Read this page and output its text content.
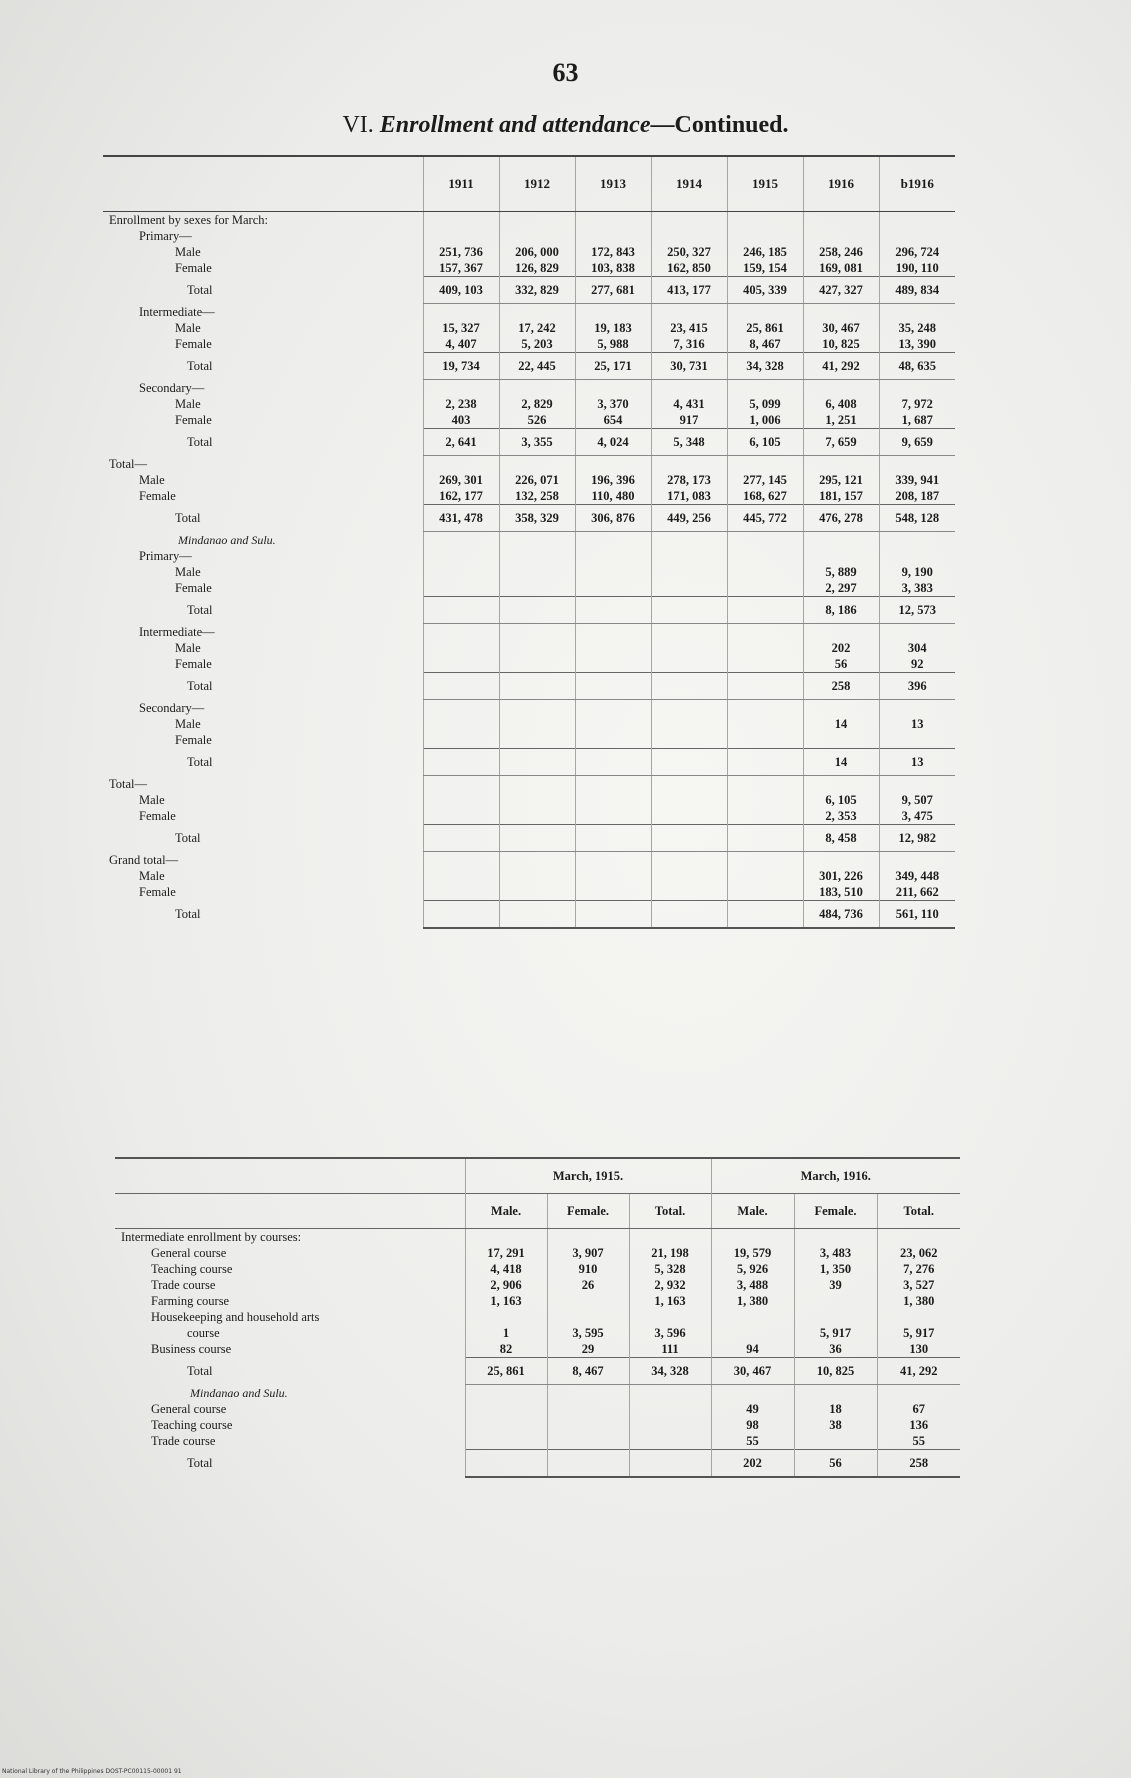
63
VI. Enrollment and attendance—Continued.
	1911	1912	1913	1914	1915	1916	b1916
Enrollment by sexes for March:							
Primary—							
Male	251, 736	206, 000	172, 843	250, 327	246, 185	258, 246	296, 724
Female	157, 367	126, 829	103, 838	162, 850	159, 154	169, 081	190, 110
Total	409, 103	332, 829	277, 681	413, 177	405, 339	427, 327	489, 834
Intermediate—							
Male	15, 327	17, 242	19, 183	23, 415	25, 861	30, 467	35, 248
Female	4, 407	5, 203	5, 988	7, 316	8, 467	10, 825	13, 390
Total	19, 734	22, 445	25, 171	30, 731	34, 328	41, 292	48, 635
Secondary—							
Male	2, 238	2, 829	3, 370	4, 431	5, 099	6, 408	7, 972
Female	403	526	654	917	1, 006	1, 251	1, 687
Total	2, 641	3, 355	4, 024	5, 348	6, 105	7, 659	9, 659
Total—							
Male	269, 301	226, 071	196, 396	278, 173	277, 145	295, 121	339, 941
Female	162, 177	132, 258	110, 480	171, 083	168, 627	181, 157	208, 187
Total	431, 478	358, 329	306, 876	449, 256	445, 772	476, 278	548, 128
Mindanao and Sulu.							
Primary—							
Male						5, 889	9, 190
Female						2, 297	3, 383
Total						8, 186	12, 573
Intermediate—							
Male						202	304
Female						56	92
Total						258	396
Secondary—							
Male						14	13
Female							
Total						14	13
Total—							
Male						6, 105	9, 507
Female						2, 353	3, 475
Total						8, 458	12, 982
Grand total—							
Male						301, 226	349, 448
Female						183, 510	211, 662
Total						484, 736	561, 110
	March, 1915.			March, 1916.		
	Male.	Female.	Total.	Male.	Female.	Total.
Intermediate enrollment by courses:						
General course	17, 291	3, 907	21, 198	19, 579	3, 483	23, 062
Teaching course	4, 418	910	5, 328	5, 926	1, 350	7, 276
Trade course	2, 906	26	2, 932	3, 488	39	3, 527
Farming course	1, 163		1, 163	1, 380		1, 380
Housekeeping and household arts						
course	1	3, 595	3, 596		5, 917	5, 917
Business course	82	29	111	94	36	130
Total	25, 861	8, 467	34, 328	30, 467	10, 825	41, 292
Mindanao and Sulu.						
General course				49	18	67
Teaching course				98	38	136
Trade course				55		55
Total				202	56	258
National Library of the Philippines DOST-PC00115-00001 91
